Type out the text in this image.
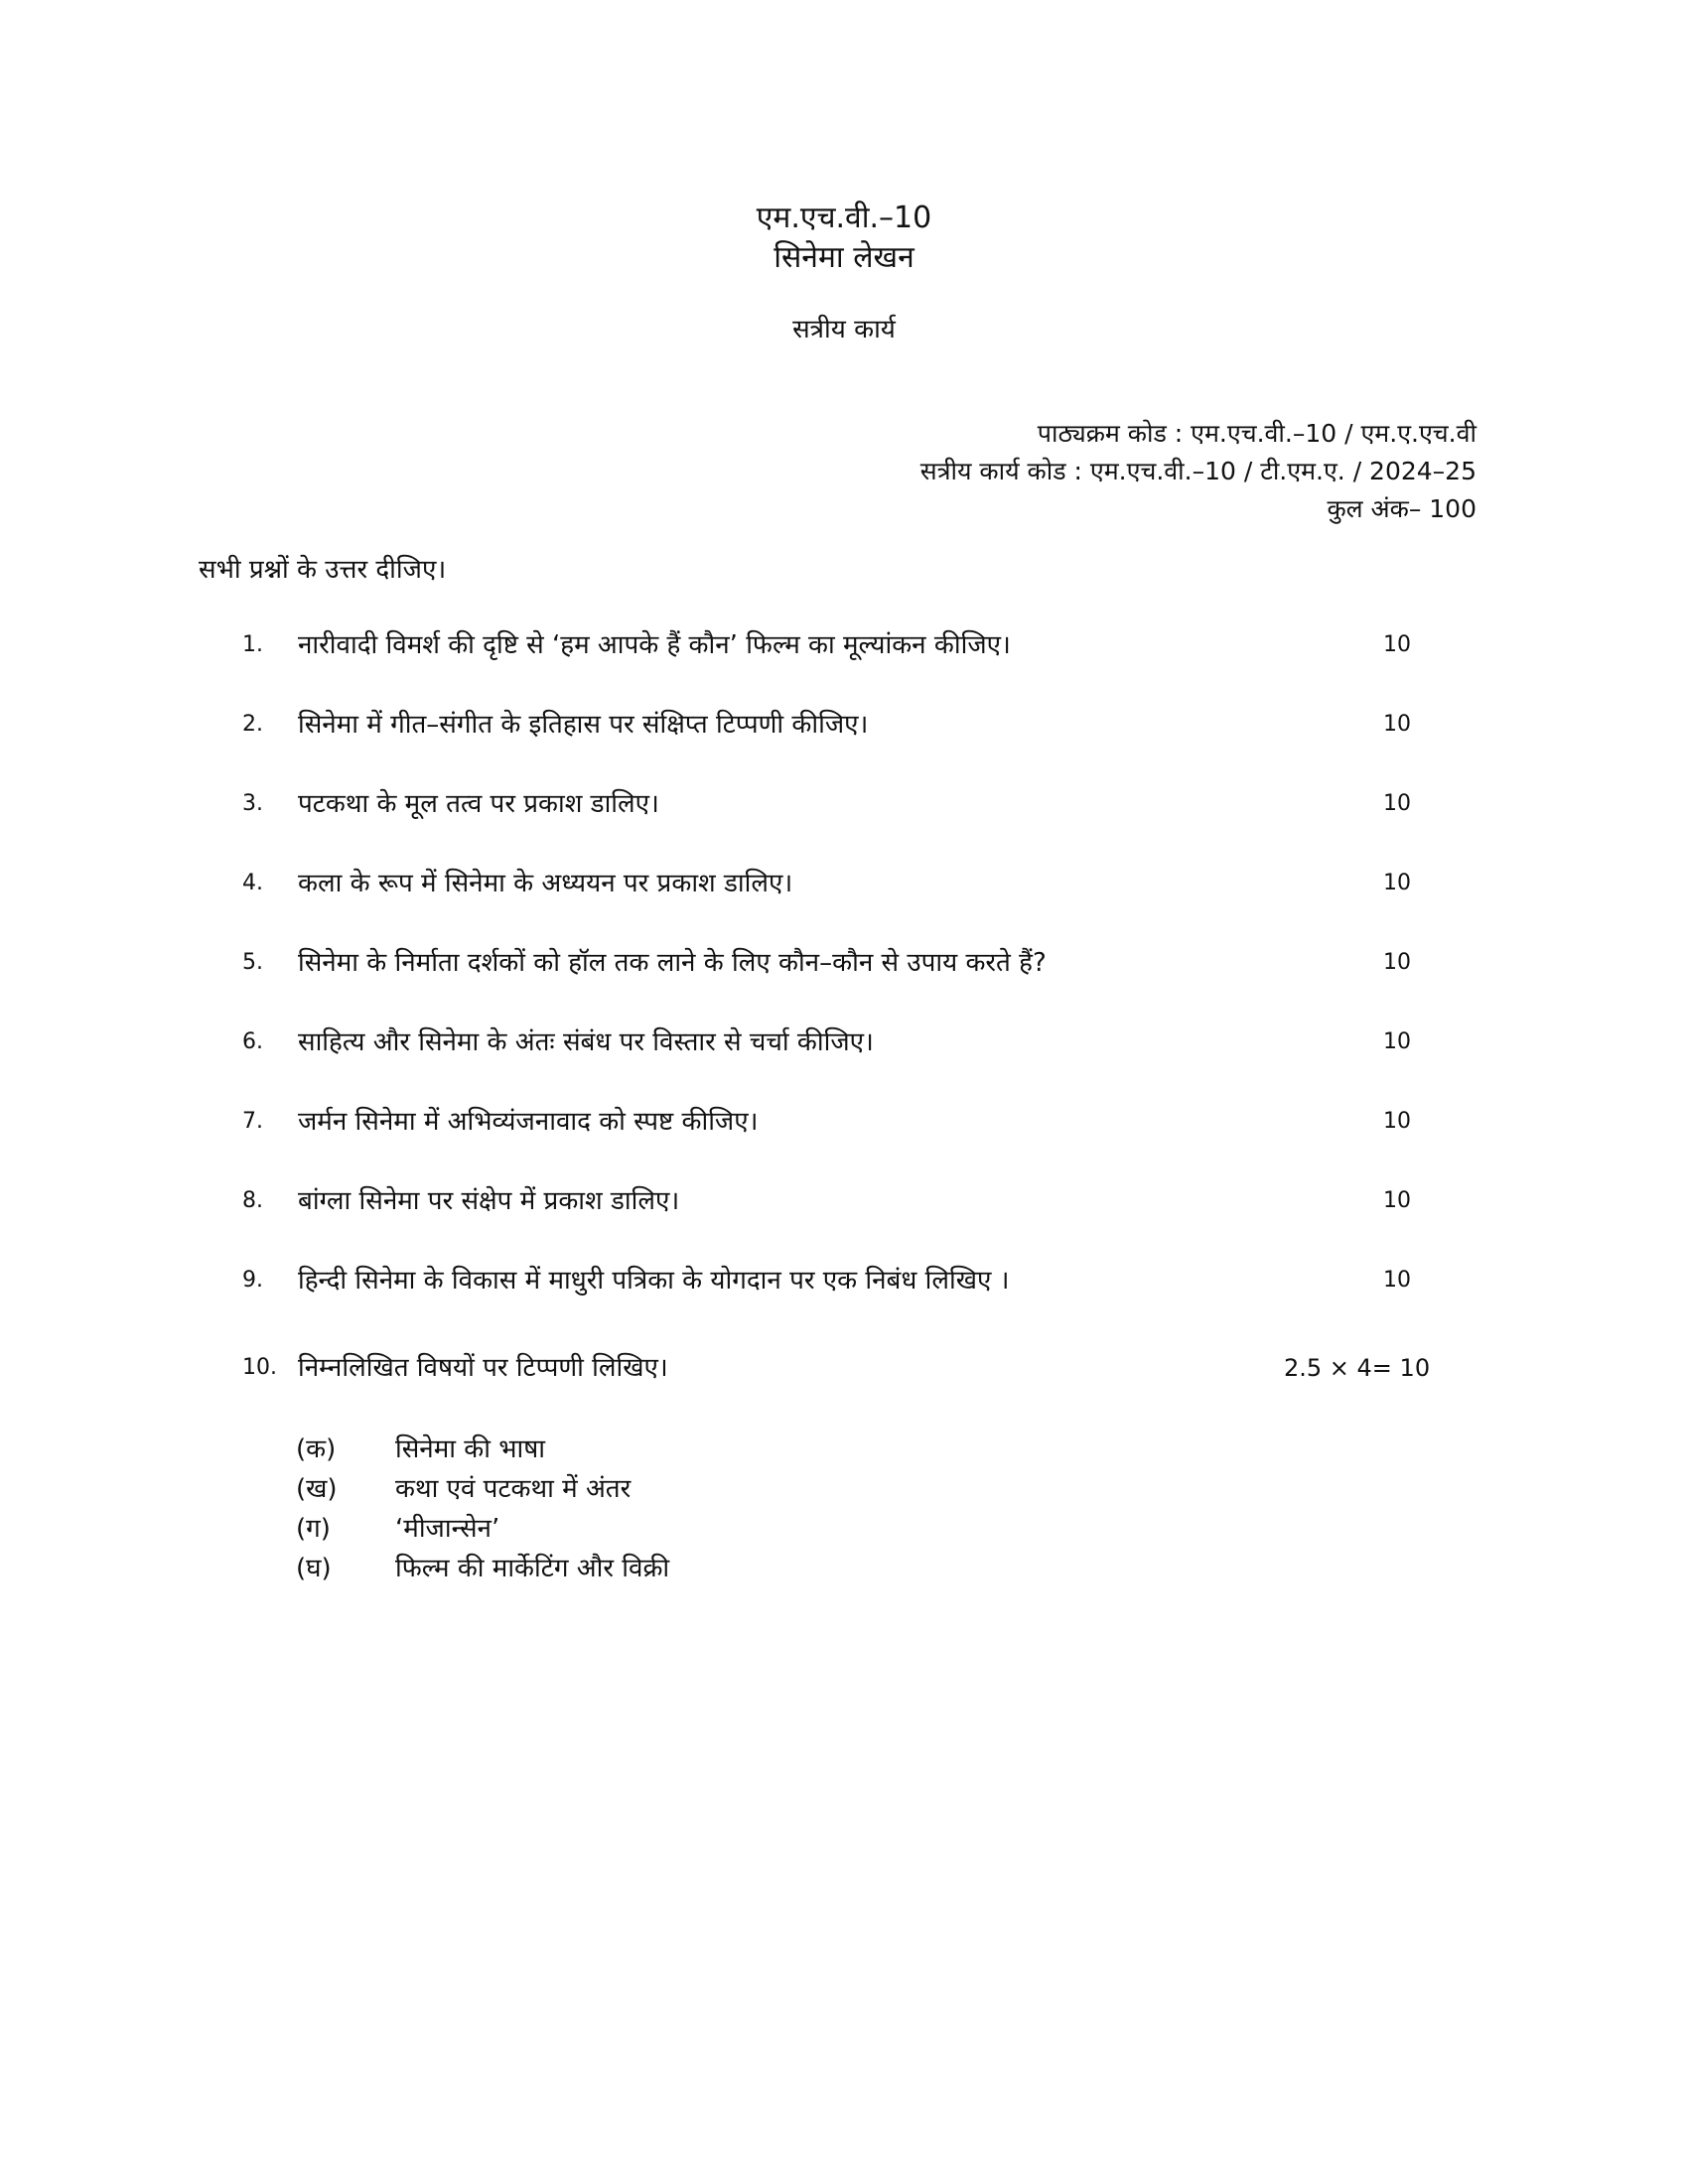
एम.एच.वी.–10
सिनेमा लेखन
सत्रीय कार्य
पाठ्यक्रम कोड : एम.एच.वी.–10 / एम.ए.एच.वी
सत्रीय कार्य कोड : एम.एच.वी.–10 / टी.एम.ए. / 2024–25
कुल अंक– 100
सभी प्रश्नों के उत्तर दीजिए।
1.	नारीवादी विमर्श की दृष्टि से ‘हम आपके हैं कौन’ फिल्म का मूल्यांकन कीजिए।	10
2.	सिनेमा में गीत–संगीत के इतिहास पर संक्षिप्त टिप्पणी कीजिए।	10
3.	पटकथा के मूल तत्व पर प्रकाश डालिए।	10
4.	कला के रूप में सिनेमा के अध्ययन पर प्रकाश डालिए।	10
5.	सिनेमा के निर्माता दर्शकों को हॉल तक लाने के लिए कौन–कौन से उपाय करते हैं?	10
6.	साहित्य और सिनेमा के अंतः संबंध पर विस्तार से चर्चा कीजिए।	10
7.	जर्मन सिनेमा में अभिव्यंजनावाद को स्पष्ट कीजिए।	10
8.	बांग्ला सिनेमा पर संक्षेप में प्रकाश डालिए।	10
9.	हिन्दी सिनेमा के विकास में माधुरी पत्रिका के योगदान पर एक निबंध लिखिए ।	10
10. निम्नलिखित विषयों पर टिप्पणी लिखिए।	2.5 × 4= 10
(क)	सिनेमा की भाषा
(ख)	कथा एवं पटकथा में अंतर
(ग)	‘मीजान्सेन’
(घ)	फिल्म की मार्केटिंग और विक्री
